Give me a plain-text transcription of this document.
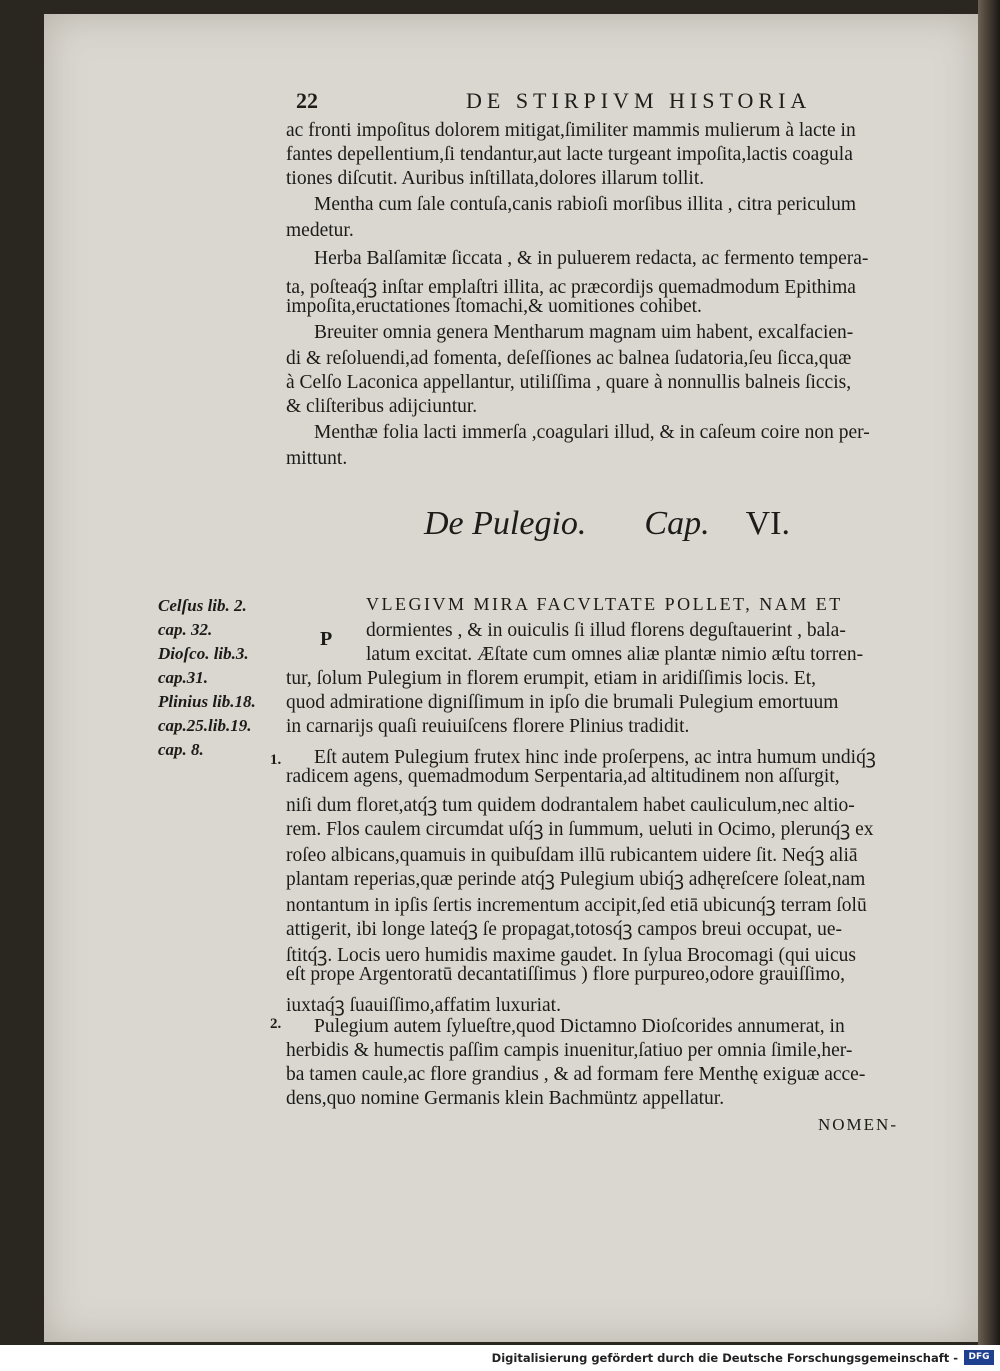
22	DE STIRPIVM HISTORIA
ac fronti impoſitus dolorem mitigat,ſimiliter mammis mulierum à lacte in
fantes depellentium,ſi tendantur,aut lacte turgeant impoſita,lactis coagula
tiones diſcutit. Auribus inſtillata,dolores illarum tollit.
Mentha cum ſale contuſa,canis rabioſi morſibus illita , citra periculum
medetur.
Herba Balſamitæ ſiccata , & in puluerem redacta, ac fermento tempera-
ta, poſteaq́ꝫ inſtar emplaſtri illita, ac præcordijs quemadmodum Epithima
impoſita,eructationes ſtomachi,& uomitiones cohibet.
Breuiter omnia genera Mentharum magnam uim habent, excalfacien-
di & reſoluendi,ad fomenta, deſeſſiones ac balnea ſudatoria,ſeu ſicca,quæ
à Celſo Laconica appellantur, utiliſſima , quare à nonnullis balneis ſiccis,
& cliſteribus adijciuntur.
Menthæ folia lacti immerſa ,coagulari illud, & in caſeum coire non per-
mittunt.
De Pulegio. Cap. VI.
Celſus lib. 2.
cap. 32.
Dioſco. lib.3.
cap.31.
Plinius lib.18.
cap.25.lib.19.
cap. 8.
P
1.
2.
VLEGIVM MIRA FACVLTATE POLLET, NAM ET
dormientes , & in ouiculis ſi illud florens deguſtauerint , bala-
latum excitat. Æſtate cum omnes aliæ plantæ nimio æſtu torren-
tur, ſolum Pulegium in florem erumpit, etiam in aridiſſimis locis. Et,
quod admiratione digniſſimum in ipſo die brumali Pulegium emortuum
in carnarijs quaſi reuiuiſcens florere Plinius tradidit.
Eſt autem Pulegium frutex hinc inde proſerpens, ac intra humum undiq́ꝫ
radicem agens, quemadmodum Serpentaria,ad altitudinem non aſſurgit,
niſi dum floret,atq́ꝫ tum quidem dodrantalem habet cauliculum,nec altio-
rem. Flos caulem circumdat uſq́ꝫ in ſummum, ueluti in Ocimo, plerunq́ꝫ ex
roſeo albicans,quamuis in quibuſdam illū rubicantem uidere ſit. Neq́ꝫ aliā
plantam reperias,quæ perinde atq́ꝫ Pulegium ubiq́ꝫ adhęreſcere ſoleat,nam
nontantum in ipſis ſertis incrementum accipit,ſed etiā ubicunq́ꝫ terram ſolū
attigerit, ibi longe lateq́ꝫ ſe propagat,totosq́ꝫ campos breui occupat, ue-
ſtitq́ꝫ. Locis uero humidis maxime gaudet. In ſylua Brocomagi (qui uicus
eſt prope Argentoratū decantatiſſimus ) flore purpureo,odore grauiſſimo,
iuxtaq́ꝫ ſuauiſſimo,affatim luxuriat.
Pulegium autem ſylueſtre,quod Dictamno Dioſcorides annumerat, in
herbidis & humectis paſſim campis inuenitur,ſatiuo per omnia ſimile,her-
ba tamen caule,ac flore grandius , & ad formam fere Menthę exiguæ acce-
dens,quo nomine Germanis klein Bachmüntz appellatur.
NOMEN-
Digitalisierung gefördert durch die Deutsche Forschungsgemeinschaft -	DFG
